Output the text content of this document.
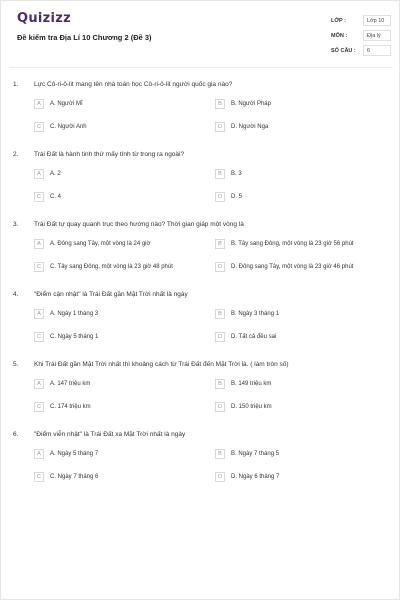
Quizizz
Đề kiểm tra Địa Lí 10 Chương 2 (Đề 3)
LỚP :	Lớp 10
MÔN :	Địa lý
SỐ CÂU :	6
1. Lực Cô-ri-ô-lit mang tên nhà toán học Cô-ri-ô-lit người quốc gia nào?
A	A. Người Mĩ	B	B. Người Pháp
C	C. Người Anh	D	D. Người Nga
2. Trái Đất là hành tinh thứ mấy tính từ trong ra ngoài?
A	A. 2	B	B. 3
C	C. 4	D	D. 5
3. Trái Đất tự quay quanh trục theo hướng nào? Thời gian giáp một vòng là
A	A. Đông sang Tây, một vòng là 24 giờ	B	B. Tây sang Đông, một vòng là 23 giờ 56 phút
C	C. Tây sang Đông, một vòng là 23 giờ 48 phút	D	D. Đông sang Tây, một vòng là 23 giờ 46 phút
4. "Điểm cận nhật" là Trái Đất gần Mặt Trời nhất là ngày
A	A. Ngày 1 tháng 3	B	B. Ngày 3 tháng 1
C	C. Ngày 5 tháng 1	D	D. Tất cả đều sai
5. Khi Trái Đất gần Mặt Trời nhất thì khoảng cách từ Trái Đất đến Mặt Trời là. ( làm tròn số)
A	A. 147 triệu km	B	B. 149 triệu km
C	C. 174 triệu km	D	D. 150 triệu km
6. "Điểm viễn nhật" là Trái Đất xa Mặt Trời nhất là ngày
A	A. Ngày 5 tháng 7	B	B. Ngày 7 tháng 5
C	C. Ngày 7 tháng 6	D	D. Ngày 6 tháng 7
